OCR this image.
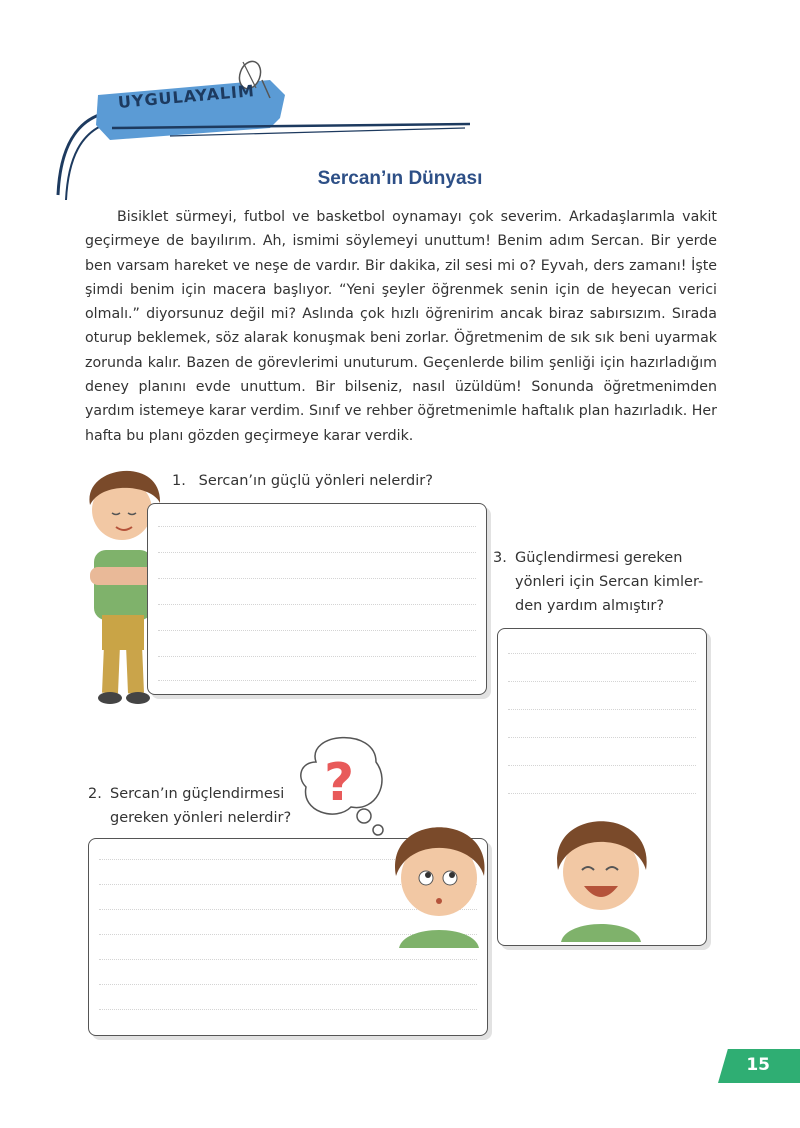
UYGULAYALIM
Sercan’ın Dünyası

Bisiklet sürmeyi, futbol ve basketbol oynamayı çok severim. Arkadaşlarımla vakit geçirmeye de bayılırım. Ah, ismimi söylemeyi unuttum! Benim adım Sercan. Bir yerde ben varsam hareket ve neşe de vardır. Bir dakika, zil sesi mi o? Eyvah, ders zamanı! İşte şimdi benim için macera başlıyor. “Yeni şeyler öğrenmek senin için de heyecan verici olmalı.” diyorsunuz değil mi? Aslında çok hızlı öğrenirim ancak biraz sabırsızım. Sırada oturup beklemek, söz alarak konuşmak beni zorlar. Öğretmenim de sık sık beni uyarmak zorunda kalır. Bazen de görevlerimi unuturum. Geçenlerde bilim şenliği için hazırladığım deney planını evde unuttum. Bir bilseniz, nasıl üzüldüm! Sonunda öğretmenimden yardım istemeye karar verdim. Sınıf ve rehber öğretmenimle haftalık plan hazırladık. Her hafta bu planı gözden geçirmeye karar verdik.

1. Sercan’ın güçlü yönleri nelerdir?
3. Güçlendirmesi gereken
yönleri için Sercan kimler-
den yardım almıştır?
?
2. Sercan’ın güçlendirmesi
gereken yönleri nelerdir?
15
